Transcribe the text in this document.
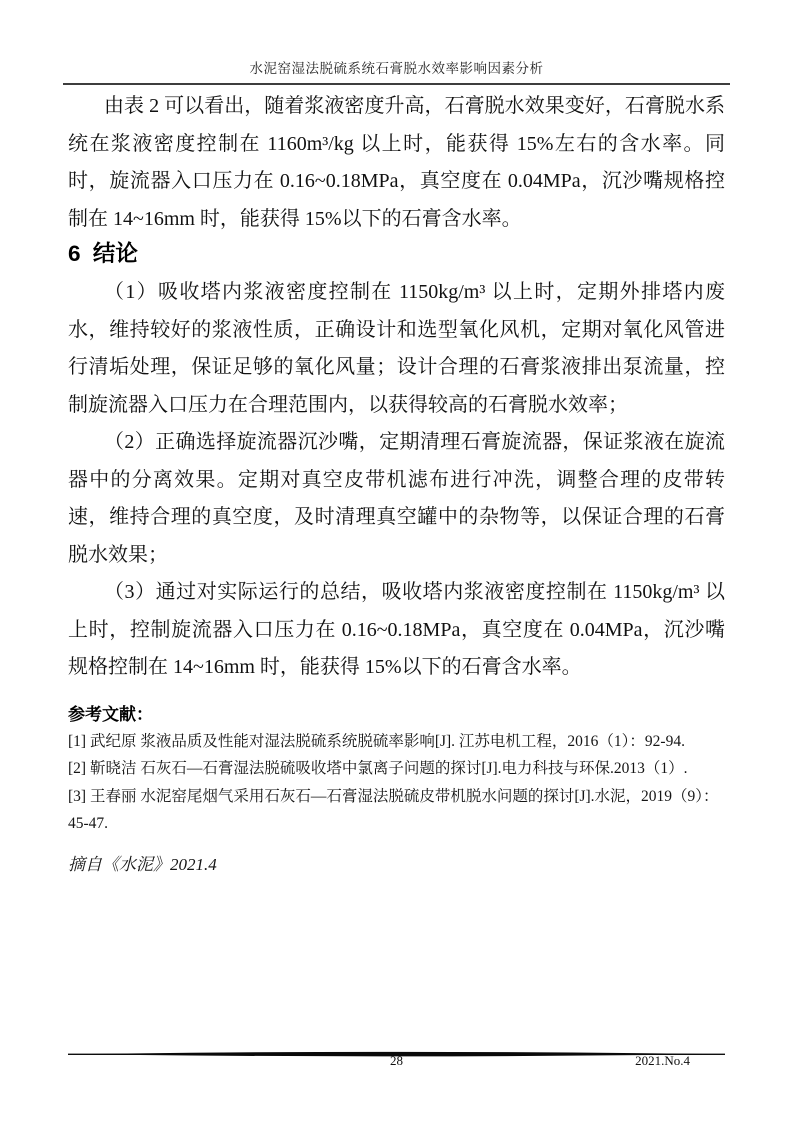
水泥窑湿法脱硫系统石膏脱水效率影响因素分析

由表 2 可以看出，随着浆液密度升高，石膏脱水效果变好，石膏脱水系统在浆液密度控制在 1160m³/kg 以上时，能获得 15%左右的含水率。同时，旋流器入口压力在 0.16~0.18MPa，真空度在 0.04MPa，沉沙嘴规格控制在 14~16mm 时，能获得 15%以下的石膏含水率。

6 结论

（1）吸收塔内浆液密度控制在 1150kg/m³ 以上时，定期外排塔内废水，维持较好的浆液性质，正确设计和选型氧化风机，定期对氧化风管进行清垢处理，保证足够的氧化风量；设计合理的石膏浆液排出泵流量，控制旋流器入口压力在合理范围内，以获得较高的石膏脱水效率；

（2）正确选择旋流器沉沙嘴，定期清理石膏旋流器，保证浆液在旋流器中的分离效果。定期对真空皮带机滤布进行冲洗，调整合理的皮带转速，维持合理的真空度，及时清理真空罐中的杂物等，以保证合理的石膏脱水效果；

（3）通过对实际运行的总结，吸收塔内浆液密度控制在 1150kg/m³ 以上时，控制旋流器入口压力在 0.16~0.18MPa，真空度在 0.04MPa，沉沙嘴规格控制在 14~16mm 时，能获得 15%以下的石膏含水率。

参考文献：
[1] 武纪原 浆液品质及性能对湿法脱硫系统脱硫率影响[J]. 江苏电机工程，2016（1）：92-94.
[2] 靳晓洁 石灰石—石膏湿法脱硫吸收塔中氯离子问题的探讨[J].电力科技与环保.2013（1）.
[3] 王春丽 水泥窑尾烟气采用石灰石—石膏湿法脱硫皮带机脱水问题的探讨[J].水泥，2019（9）：45-47.
摘自《水泥》2021.4
28	2021.No.4
